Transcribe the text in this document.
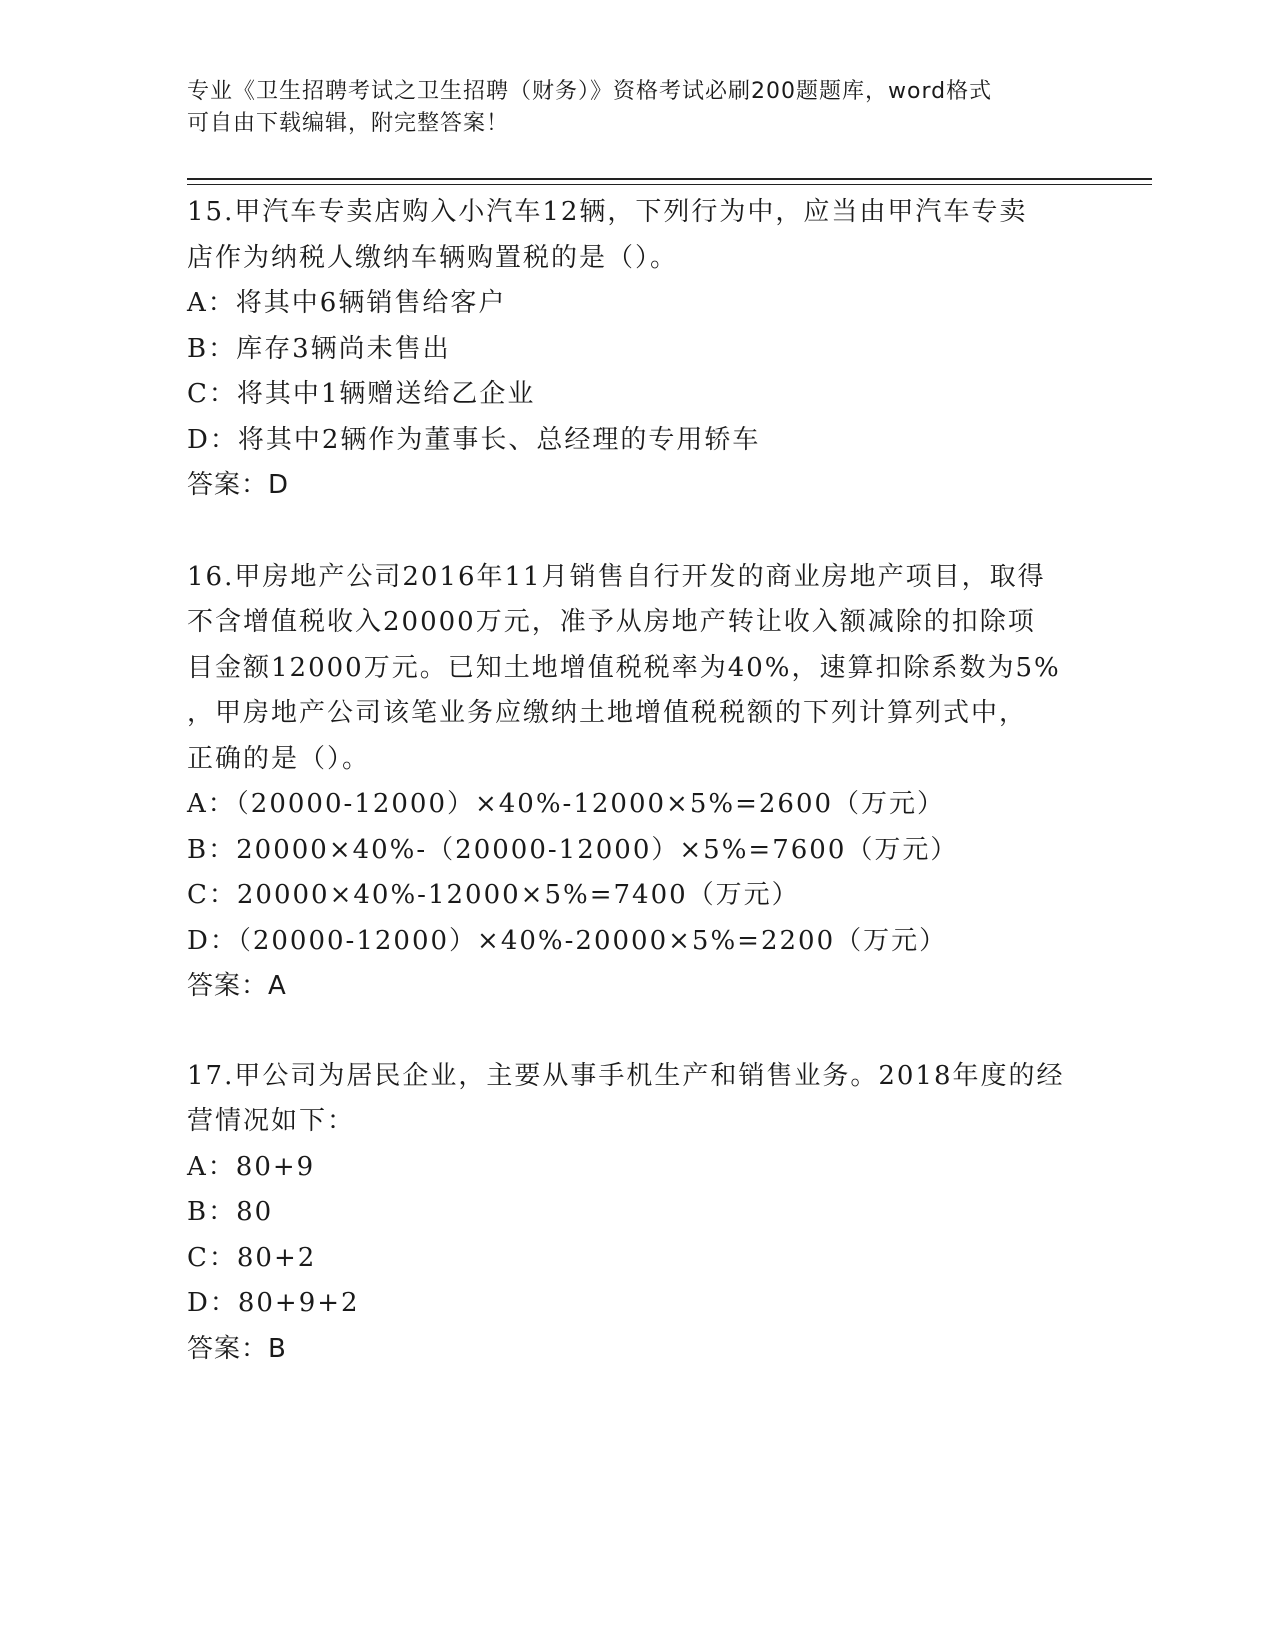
专业《卫生招聘考试之卫生招聘（财务）》资格考试必刷200题题库，word格式
可自由下载编辑，附完整答案！
15.甲汽车专卖店购入小汽车12辆，下列行为中，应当由甲汽车专卖
店作为纳税人缴纳车辆购置税的是（）。
A：将其中6辆销售给客户
B：库存3辆尚未售出
C：将其中1辆赠送给乙企业
D：将其中2辆作为董事长、总经理的专用轿车
答案：D
16.甲房地产公司2016年11月销售自行开发的商业房地产项目，取得
不含增值税收入20000万元，准予从房地产转让收入额减除的扣除项
目金额12000万元。已知土地增值税税率为40%，速算扣除系数为5%
，甲房地产公司该笔业务应缴纳土地增值税税额的下列计算列式中，
正确的是（）。
A：（20000-12000）×40%-12000×5%=2600（万元）
B：20000×40%-（20000-12000）×5%=7600（万元）
C：20000×40%-12000×5%=7400（万元）
D：（20000-12000）×40%-20000×5%=2200（万元）
答案：A
17.甲公司为居民企业，主要从事手机生产和销售业务。2018年度的经
营情况如下：
A：80+9
B：80
C：80+2
D：80+9+2
答案：B
